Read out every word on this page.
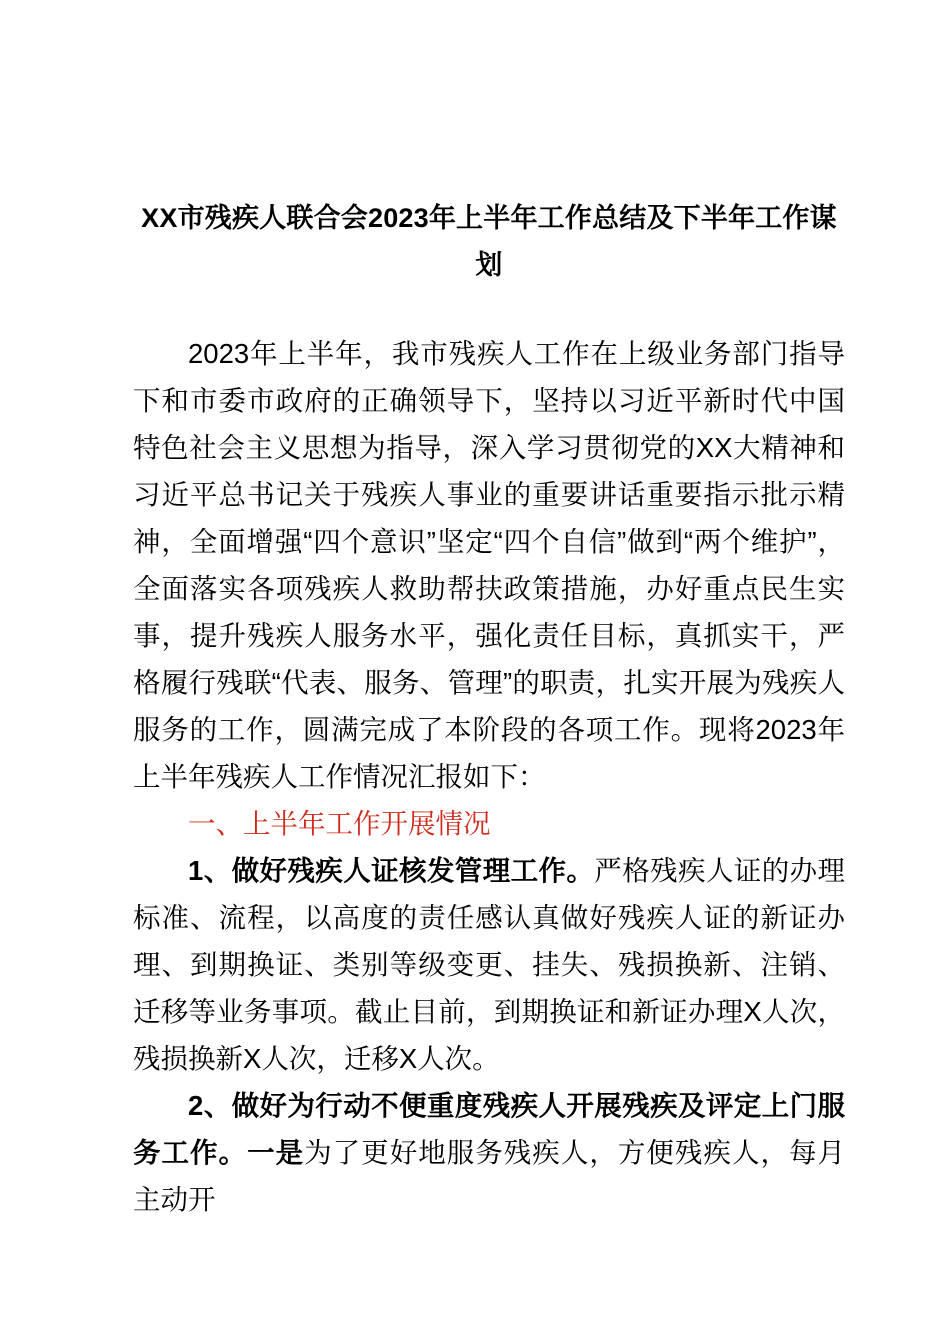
XX市残疾人联合会2023年上半年工作总结及下半年工作谋划

2023年上半年，我市残疾人工作在上级业务部门指导下和市委市政府的正确领导下，坚持以习近平新时代中国特色社会主义思想为指导，深入学习贯彻党的XX大精神和习近平总书记关于残疾人事业的重要讲话重要指示批示精神，全面增强“四个意识”坚定“四个自信”做到“两个维护”，全面落实各项残疾人救助帮扶政策措施，办好重点民生实事，提升残疾人服务水平，强化责任目标，真抓实干，严格履行残联“代表、服务、管理”的职责，扎实开展为残疾人服务的工作，圆满完成了本阶段的各项工作。现将2023年上半年残疾人工作情况汇报如下：

一、上半年工作开展情况

1、做好残疾人证核发管理工作。严格残疾人证的办理标准、流程，以高度的责任感认真做好残疾人证的新证办理、到期换证、类别等级变更、挂失、残损换新、注销、迁移等业务事项。截止目前，到期换证和新证办理X人次，残损换新X人次，迁移X人次。

2、做好为行动不便重度残疾人开展残疾及评定上门服务工作。一是为了更好地服务残疾人，方便残疾人，每月主动开
